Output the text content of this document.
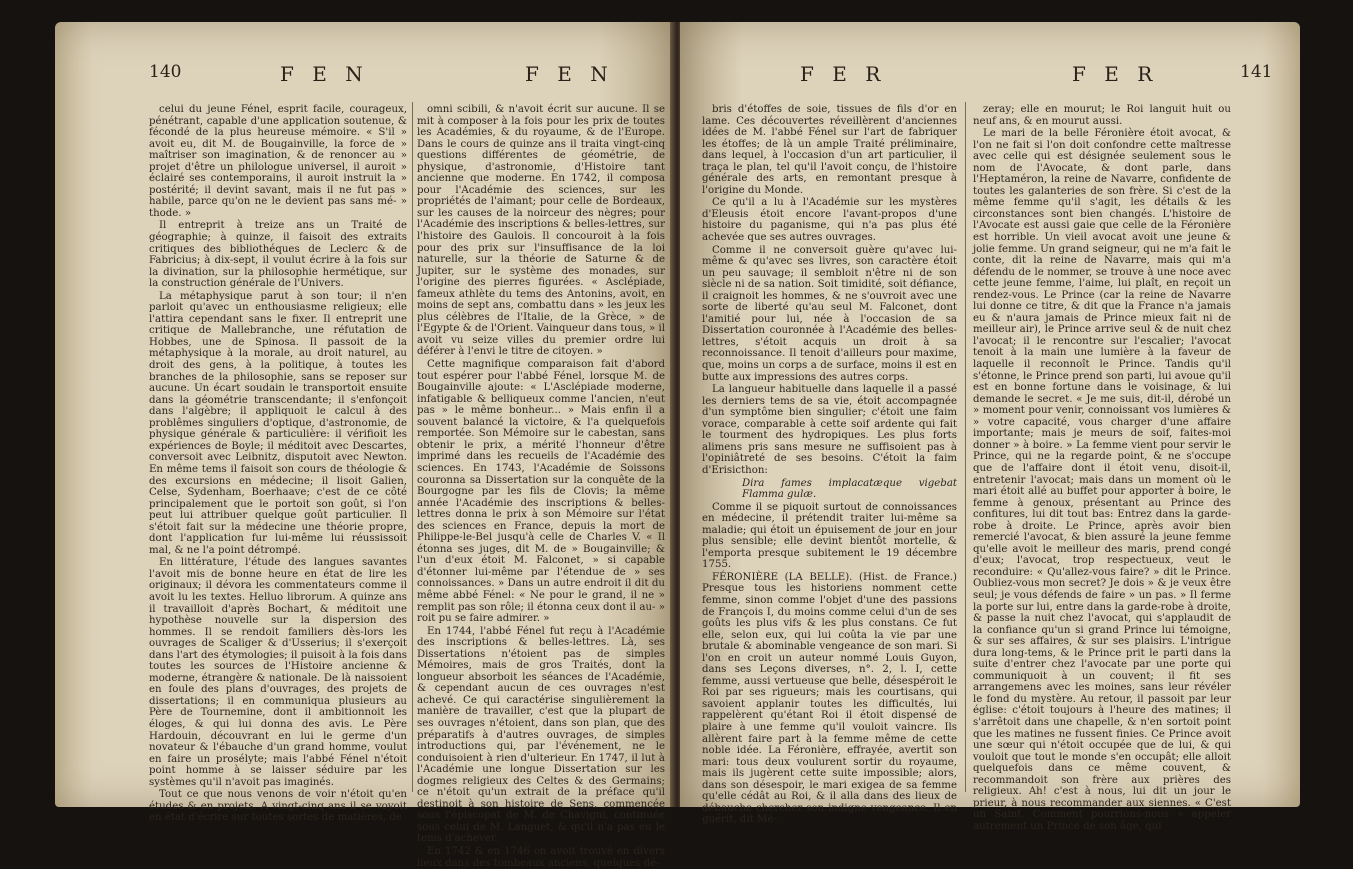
140	F E N	F E N

celui du jeune Fénel, esprit facile, courageux, pénétrant, capable d'une application soutenue, & fécondé de la plus heureuse mémoire. « S'il » avoit eu, dit M. de Bougainville, la force de » maîtriser son imagination, & de renoncer au » projet d'être un philologue universel, il auroit » éclairé ses contemporains, il auroit instruit la » postérité; il devint savant, mais il ne fut pas » habile, parce qu'on ne le devient pas sans mé- » thode. »

Il entreprit à treize ans un Traité de géographie; à quinze, il faisoit des extraits critiques des bibliothéques de Leclerc & de Fabricius; à dix-sept, il voulut écrire à la fois sur la divination, sur la philosophie hermétique, sur la construction générale de l'Univers.

La métaphysique parut à son tour; il n'en parloit qu'avec un enthousiasme religieux; elle l'attira cependant sans le fixer. Il entreprit une critique de Mallebranche, une réfutation de Hobbes, une de Spinosa. Il passoit de la métaphysique à la morale, au droit naturel, au droit des gens, à la politique, à toutes les branches de la philosophie, sans se reposer sur aucune. Un écart soudain le transportoit ensuite dans la géométrie transcendante; il s'enfonçoit dans l'algèbre; il appliquoit le calcul à des problêmes singuliers d'optique, d'astronomie, de physique générale & particulière: il vérifioit les expériences de Boyle; il méditoit avec Descartes, conversoit avec Leibnitz, disputoit avec Newton. En même tems il faisoit son cours de théologie & des excursions en médecine; il lisoit Galien, Celse, Sydenham, Boerhaave; c'est de ce côté principalement que le portoit son goût, si l'on peut lui attribuer quelque goût particulier. Il s'étoit fait sur la médecine une théorie propre, dont l'application fur lui-même lui réussissoit mal, & ne l'a point détrompé.

En littérature, l'étude des langues savantes l'avoit mis de bonne heure en état de lire les originaux; il dévora les commentateurs comme il avoit lu les textes. Helluo librorum. A quinze ans il travailloit d'après Bochart, & méditoit une hypothèse nouvelle sur la dispersion des hommes. Il se rendoit familiers dès-lors les ouvrages de Scaliger & d'Usserius; il s'exerçoit dans l'art des étymologies; il puisoit à la fois dans toutes les sources de l'Histoire ancienne & moderne, étrangère & nationale. De là naissoient en foule des plans d'ouvrages, des projets de dissertations; il en communiqua plusieurs au Père de Tournemine, dont il ambitionnoit les éloges, & qui lui donna des avis. Le Père Hardouin, découvrant en lui le germe d'un novateur & l'ébauche d'un grand homme, voulut en faire un prosélyte; mais l'abbé Fénel n'étoit point homme à se laisser séduire par les systèmes qu'il n'avoit pas imaginés.

Tout ce que nous venons de voir n'étoit qu'en études & en projets. A vingt-cinq ans il se voyoit en état d'écrire sur toutes sortes de matières, de

omni scibili, & n'avoit écrit sur aucune. Il se mit à composer à la fois pour les prix de toutes les Académies, & du royaume, & de l'Europe. Dans le cours de quinze ans il traita vingt-cinq questions différentes de géométrie, de physique, d'astronomie, d'Histoire tant ancienne que moderne. En 1742, il composa pour l'Académie des sciences, sur les propriétés de l'aimant; pour celle de Bordeaux, sur les causes de la noirceur des nègres; pour l'Académie des inscriptions & belles-lettres, sur l'histoire des Gaulois. Il concouroit à la fois pour des prix sur l'insuffisance de la loi naturelle, sur la théorie de Saturne & de Jupiter, sur le système des monades, sur l'origine des pierres figurées. « Asclépiade, fameux athlète du tems des Antonins, avoit, en moins de sept ans, combattu dans » les jeux les plus célèbres de l'Italie, de la Grèce, » de l'Egypte & de l'Orient. Vainqueur dans tous, » il avoit vu seize villes du premier ordre lui déférer à l'envi le titre de citoyen. »

Cette magnifique comparaison fait d'abord tout espérer pour l'abbé Fénel, lorsque M. de Bougainville ajoute: « L'Asclépiade moderne, infatigable & belliqueux comme l'ancien, n'eut pas » le même bonheur... » Mais enfin il a souvent balancé la victoire, & l'a quelquefois remportée. Son Mémoire sur le cabestan, sans obtenir le prix, a mérité l'honneur d'être imprimé dans les recueils de l'Académie des sciences. En 1743, l'Académie de Soissons couronna sa Dissertation sur la conquête de la Bourgogne par les fils de Clovis; la même année l'Académie des inscriptions & belles-lettres donna le prix à son Mémoire sur l'état des sciences en France, depuis la mort de Philippe-le-Bel jusqu'à celle de Charles V. « Il étonna ses juges, dit M. de » Bougainville; & l'un d'eux étoit M. Falconet, » si capable d'étonner lui-même par l'étendue de » ses connoissances. » Dans un autre endroit il dit du même abbé Fénel: « Ne pour le grand, il ne » remplit pas son rôle; il étonna ceux dont il au- » roit pu se faire admirer. »

En 1744, l'abbé Fénel fut reçu à l'Académie des inscriptions & belles-lettres. Là, ses Dissertations n'étoient pas de simples Mémoires, mais de gros Traités, dont la longueur absorboit les séances de l'Académie, & cependant aucun de ces ouvrages n'est achevé. Ce qui caractérise singulièrement la manière de travailler, c'est que la plupart de ses ouvrages n'étoient, dans son plan, que des préparatifs à d'autres ouvrages, de simples introductions qui, par l'événement, ne le conduisoient à rien d'ulterieur. En 1747, il lut à l'Académie une longue Dissertation sur les dogmes religieux des Celtes & des Germains; ce n'étoit qu'un extrait de la préface qu'il destinoit à son histoire de Sens, commencée sous l'épiscopat de M. de Chavigni, continuée sous celui de M. Languet, & qu'il n'a pas eu le tems d'achever.

En 1742 & en 1746 on avoit trouvé en divers lieux dans des tombeaux anciens, quelques dé-

F E R	F E R	141

bris d'étoffes de soie, tissues de fils d'or en lame. Ces découvertes réveillèrent d'anciennes idées de M. l'abbé Fénel sur l'art de fabriquer les étoffes; de là un ample Traité préliminaire, dans lequel, à l'occasion d'un art particulier, il traça le plan, tel qu'il l'avoit conçu, de l'histoire générale des arts, en remontant presque à l'origine du Monde.

Ce qu'il a lu à l'Académie sur les mystères d'Eleusis étoit encore l'avant-propos d'une histoire du paganisme, qui n'a pas plus été achevée que ses autres ouvrages.

Comme il ne conversoit guère qu'avec lui-même & qu'avec ses livres, son caractère étoit un peu sauvage; il sembloit n'être ni de son siècle ni de sa nation. Soit timidité, soit défiance, il craignoit les hommes, & ne s'ouvroit avec une sorte de liberté qu'au seul M. Falconet, dont l'amitié pour lui, née à l'occasion de sa Dissertation couronnée à l'Académie des belles-lettres, s'étoit acquis un droit à sa reconnoissance. Il tenoit d'ailleurs pour maxime, que, moins un corps a de surface, moins il est en butte aux impressions des autres corps.

La langueur habituelle dans laquelle il a passé les derniers tems de sa vie, étoit accompagnée d'un symptôme bien singulier; c'étoit une faim vorace, comparable à cette soif ardente qui fait le tourment des hydropiques. Les plus forts alimens pris sans mesure ne suffisoient pas à l'opiniâtreté de ses besoins. C'étoit la faim d'Erisicthon:

Dira fames implacatæque vigebat Flamma gulæ.

Comme il se piquoit surtout de connoissances en médecine, il prétendit traiter lui-même sa maladie; qui étoit un épuisement de jour en jour plus sensible; elle devint bientôt mortelle, & l'emporta presque subitement le 19 décembre 1755.

FÉRONIÈRE (LA BELLE). (Hist. de France.) Presque tous les historiens nomment cette femme, sinon comme l'objet d'une des passions de François I, du moins comme celui d'un de ses goûts les plus vifs & les plus constans. Ce fut elle, selon eux, qui lui coûta la vie par une brutale & abominable vengeance de son mari. Si l'on en croit un auteur nommé Louis Guyon, dans ses Leçons diverses, n°. 2, l. I, cette femme, aussi vertueuse que belle, désespéroit le Roi par ses rigueurs; mais les courtisans, qui savoient applanir toutes les difficultés, lui rappelèrent qu'étant Roi il étoit dispensé de plaire à une femme qu'il vouloit vaincre. Ils allèrent faire part à la femme même de cette noble idée. La Féronière, effrayée, avertit son mari: tous deux voulurent sortir du royaume, mais ils jugèrent cette suite impossible; alors, dans son désespoir, le mari exigea de sa femme qu'elle cédât au Roi, & il alla dans des lieux de débauche chercher son indigne vengeance. Il en guérit, dit Mé-

zeray; elle en mourut; le Roi languit huit ou neuf ans, & en mourut aussi.

Le mari de la belle Féronière étoit avocat, & l'on ne fait si l'on doit confondre cette maîtresse avec celle qui est désignée seulement sous le nom de l'Avocate, & dont parle, dans l'Heptaméron, la reine de Navarre, confidente de toutes les galanteries de son frère. Si c'est de la même femme qu'il s'agit, les détails & les circonstances sont bien changés. L'histoire de l'Avocate est aussi gaie que celle de la Féronière est horrible. Un vieil avocat avoit une jeune & jolie femme. Un grand seigneur, qui ne m'a fait le conte, dit la reine de Navarre, mais qui m'a défendu de le nommer, se trouve à une noce avec cette jeune femme, l'aime, lui plaît, en reçoit un rendez-vous. Le Prince (car la reine de Navarre lui donne ce titre, & dit que la France n'a jamais eu & n'aura jamais de Prince mieux fait ni de meilleur air), le Prince arrive seul & de nuit chez l'avocat; il le rencontre sur l'escalier; l'avocat tenoit à la main une lumière à la faveur de laquelle il reconnoît le Prince. Tandis qu'il s'étonne, le Prince prend son parti, lui avoue qu'il est en bonne fortune dans le voisinage, & lui demande le secret. « Je me suis, dit-il, dérobé un » moment pour venir, connoissant vos lumières & » votre capacité, vous charger d'une affaire importante; mais je meurs de soif, faites-moi donner » à boire. » La femme vient pour servir le Prince, qui ne la regarde point, & ne s'occupe que de l'affaire dont il étoit venu, disoit-il, entretenir l'avocat; mais dans un moment où le mari étoit allé au buffet pour apporter à boire, le femme à genoux, présentant au Prince des confitures, lui dit tout bas: Entrez dans la garde-robe à droite. Le Prince, après avoir bien remercié l'avocat, & bien assuré la jeune femme qu'elle avoit le meilleur des maris, prend congé d'eux; l'avocat, trop respectueux, veut le reconduire: « Qu'allez-vous faire? » dit le Prince. Oubliez-vous mon secret? Je dois » & je veux être seul; je vous défends de faire » un pas. » Il ferme la porte sur lui, entre dans la garde-robe à droite, & passe la nuit chez l'avocat, qui s'applaudit de la confiance qu'un si grand Prince lui témoigne, & sur ses affaires, & sur ses plaisirs. L'intrigue dura long-tems, & le Prince prit le parti dans la suite d'entrer chez l'avocate par une porte qui communiquoit à un couvent; il fit ses arrangemens avec les moines, sans leur révéler le fond du mystère. Au retour, il passoit par leur église: c'étoit toujours à l'heure des matines; il s'arrêtoit dans une chapelle, & n'en sortoit point que les matines ne fussent finies. Ce Prince avoit une sœur qui n'étoit occupée que de lui, & qui vouloit que tout le monde s'en occupât; elle alloit quelquefois dans ce même couvent, & recommandoit son frère aux prières des religieux. Ah! c'est à nous, lui dit un jour le prieur, à nous recommander aux siennes. « C'est un Saint. Comment pourrions-nous » appeler autrement un Prince de son âge, qui
